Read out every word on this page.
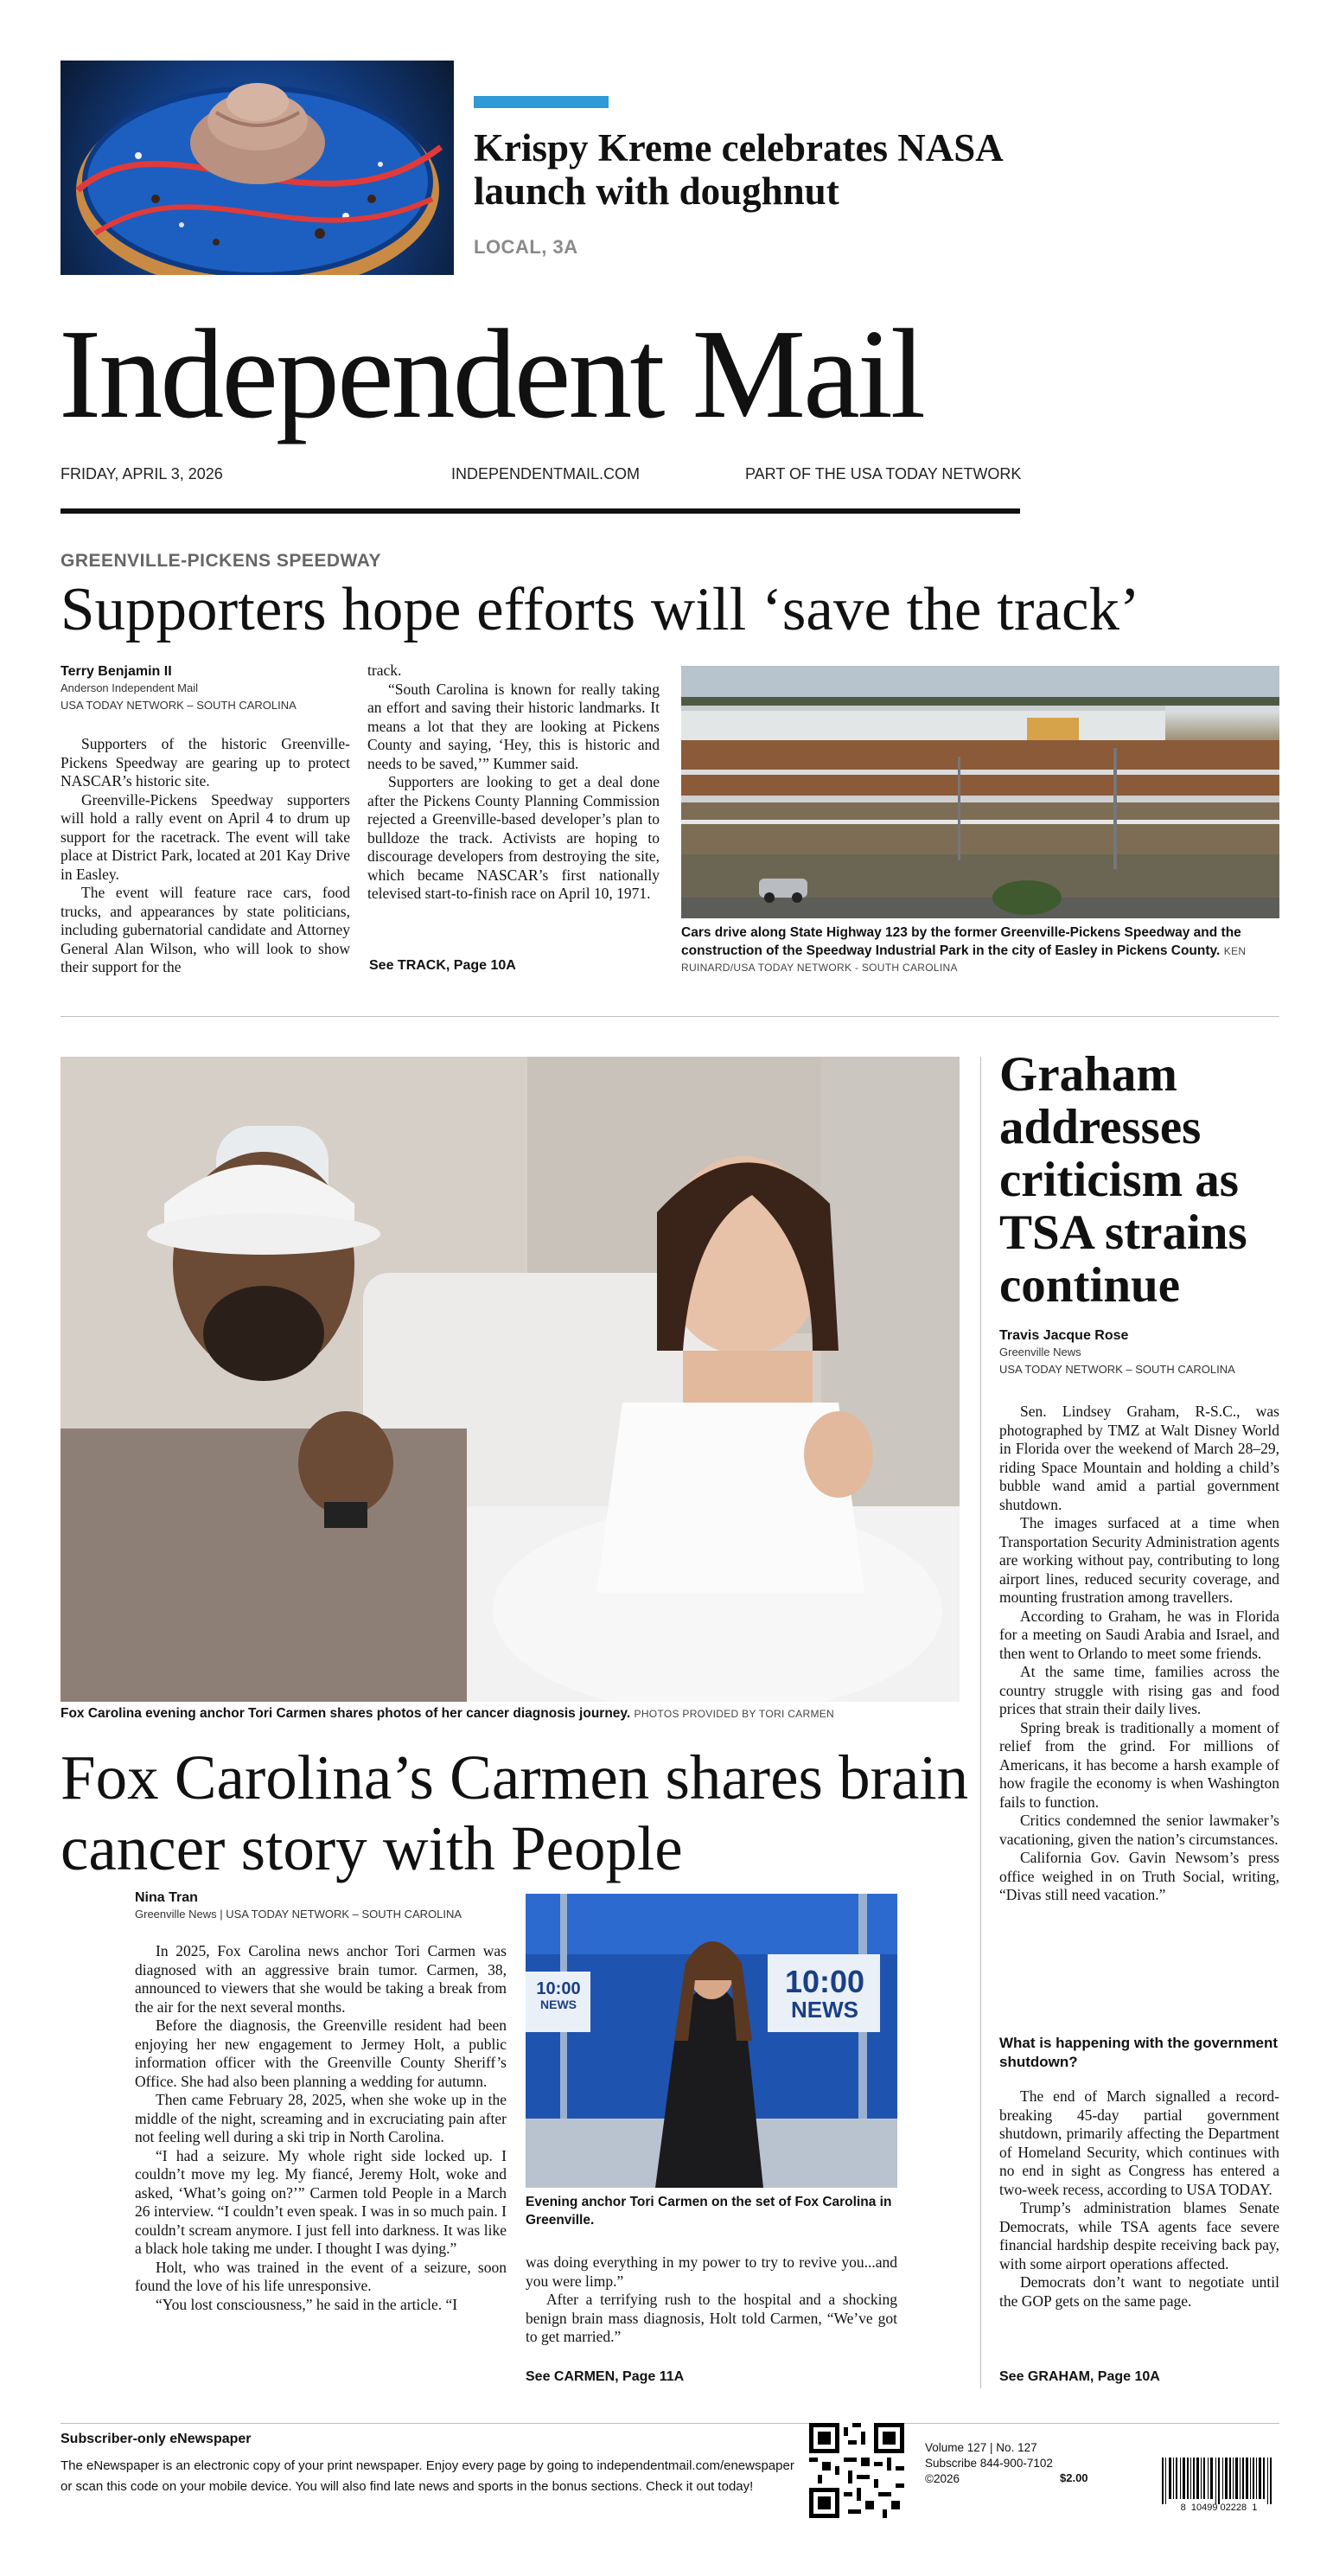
Krispy Kreme celebrates NASA launch with doughnut
LOCAL, 3A
Independent Mail
FRIDAY, APRIL 3, 2026	INDEPENDENTMAIL.COM	PART OF THE USA TODAY NETWORK
GREENVILLE-PICKENS SPEEDWAY
Supporters hope efforts will ‘save the track’
Terry Benjamin II
Anderson Independent Mail
USA TODAY NETWORK – SOUTH CAROLINA

Supporters of the historic Greenville-Pickens Speedway are gearing up to protect NASCAR’s historic site.

Greenville-Pickens Speedway supporters will hold a rally event on April 4 to drum up support for the racetrack. The event will take place at District Park, located at 201 Kay Drive in Easley.

The event will feature race cars, food trucks, and appearances by state politicians, including gubernatorial candidate and Attorney General Alan Wilson, who will look to show their support for the

track.

“South Carolina is known for really taking an effort and saving their historic landmarks. It means a lot that they are looking at Pickens County and saying, ‘Hey, this is historic and needs to be saved,’” Kummer said.

Supporters are looking to get a deal done after the Pickens County Planning Commission rejected a Greenville-based developer’s plan to bulldoze the track. Activists are hoping to discourage developers from destroying the site, which became NASCAR’s first nationally televised start-to-finish race on April 10, 1971.

See TRACK, Page 10A
Cars drive along State Highway 123 by the former Greenville-Pickens Speedway and the construction of the Speedway Industrial Park in the city of Easley in Pickens County. KEN RUINARD/USA TODAY NETWORK - SOUTH CAROLINA
Fox Carolina evening anchor Tori Carmen shares photos of her cancer diagnosis journey. PHOTOS PROVIDED BY TORI CARMEN
Fox Carolina’s Carmen shares brain cancer story with People
Nina Tran
Greenville News | USA TODAY NETWORK – SOUTH CAROLINA

In 2025, Fox Carolina news anchor Tori Carmen was diagnosed with an aggressive brain tumor. Carmen, 38, announced to viewers that she would be taking a break from the air for the next several months.

Before the diagnosis, the Greenville resident had been enjoying her new engagement to Jermey Holt, a public information officer with the Greenville County Sheriff’s Office. She had also been planning a wedding for autumn.

Then came February 28, 2025, when she woke up in the middle of the night, screaming and in excruciating pain after not feeling well during a ski trip in North Carolina.

“I had a seizure. My whole right side locked up. I couldn’t move my leg. My fiancé, Jeremy Holt, woke and asked, ‘What’s going on?’” Carmen told People in a March 26 interview. “I couldn’t even speak. I was in so much pain. I couldn’t scream anymore. I just fell into darkness. It was like a black hole taking me under. I thought I was dying.”

Holt, who was trained in the event of a seizure, soon found the love of his life unresponsive.

“You lost consciousness,” he said in the article. “I

10:00
NEWS
10:00
NEWS
Evening anchor Tori Carmen on the set of Fox Carolina in Greenville.

was doing everything in my power to try to revive you...and you were limp.”

After a terrifying rush to the hospital and a shocking benign brain mass diagnosis, Holt told Carmen, “We’ve got to get married.”

See CARMEN, Page 11A
Graham addresses criticism as TSA strains continue
Travis Jacque Rose
Greenville News
USA TODAY NETWORK – SOUTH CAROLINA

Sen. Lindsey Graham, R-S.C., was photographed by TMZ at Walt Disney World in Florida over the weekend of March 28–29, riding Space Mountain and holding a child’s bubble wand amid a partial government shutdown.

The images surfaced at a time when Transportation Security Administration agents are working without pay, contributing to long airport lines, reduced security coverage, and mounting frustration among travellers.

According to Graham, he was in Florida for a meeting on Saudi Arabia and Israel, and then went to Orlando to meet some friends.

At the same time, families across the country struggle with rising gas and food prices that strain their daily lives.

Spring break is traditionally a moment of relief from the grind. For millions of Americans, it has become a harsh example of how fragile the economy is when Washington fails to function.

Critics condemned the senior lawmaker’s vacationing, given the nation’s circumstances.

California Gov. Gavin Newsom’s press office weighed in on Truth Social, writing, “Divas still need vacation.”

What is happening with the government shutdown?

The end of March signalled a record-breaking 45-day partial government shutdown, primarily affecting the Department of Homeland Security, which continues with no end in sight as Congress has entered a two-week recess, according to USA TODAY.

Trump’s administration blames Senate Democrats, while TSA agents face severe financial hardship despite receiving back pay, with some airport operations affected.

Democrats don’t want to negotiate until the GOP gets on the same page.

See GRAHAM, Page 10A
Subscriber-only eNewspaper
The eNewspaper is an electronic copy of your print newspaper. Enjoy every page by going to independentmail.com/enewspaper or scan this code on your mobile device. You will also find late news and sports in the bonus sections. Check it out today!
Volume 127 | No. 127
Subscribe 844-900-7102
©2026	$2.00
8  10499 02228  1
